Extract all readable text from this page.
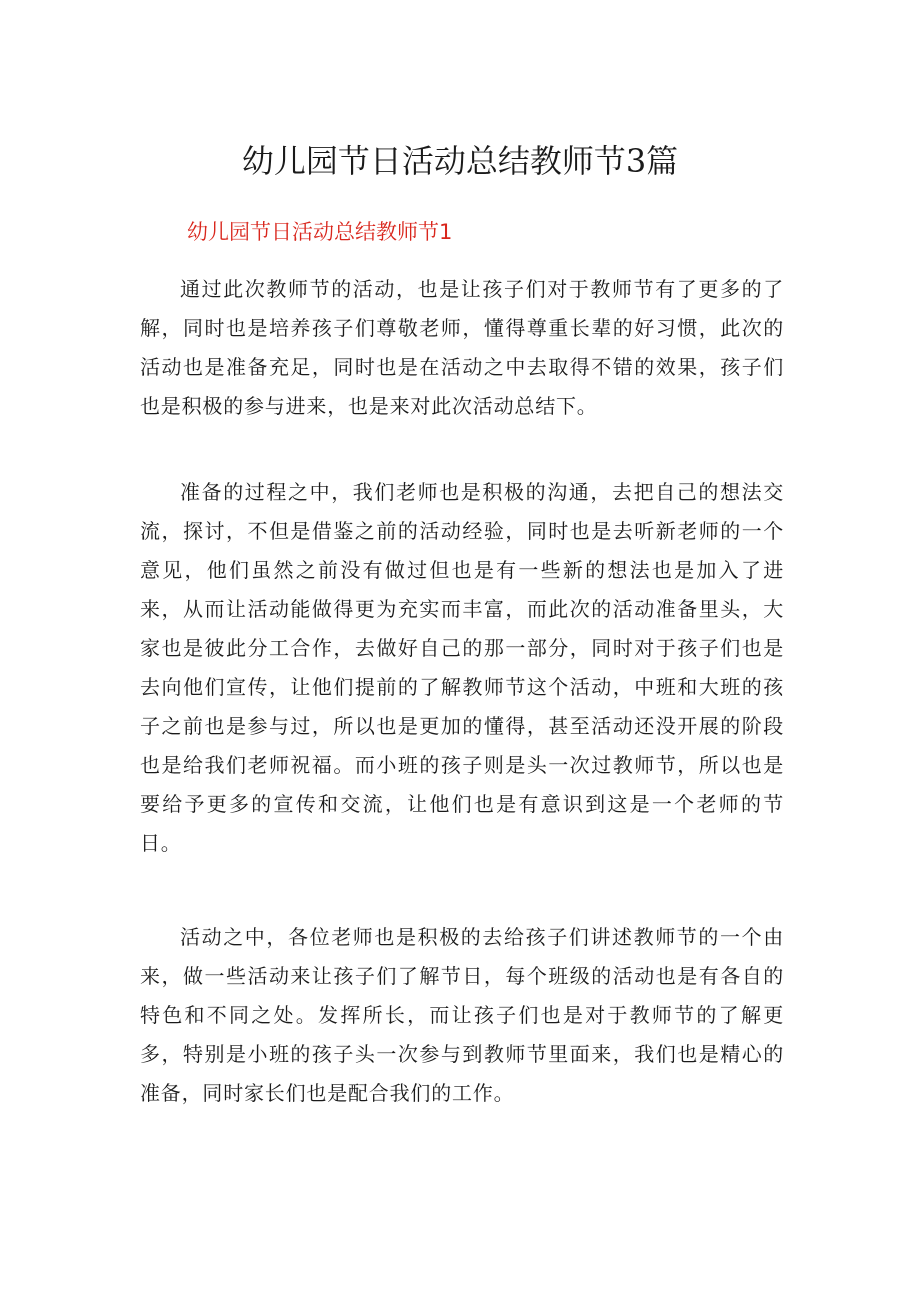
幼儿园节日活动总结教师节3篇
幼儿园节日活动总结教师节1

通过此次教师节的活动，也是让孩子们对于教师节有了更多的了解，同时也是培养孩子们尊敬老师，懂得尊重长辈的好习惯，此次的活动也是准备充足，同时也是在活动之中去取得不错的效果，孩子们也是积极的参与进来，也是来对此次活动总结下。

准备的过程之中，我们老师也是积极的沟通，去把自己的想法交流，探讨，不但是借鉴之前的活动经验，同时也是去听新老师的一个意见，他们虽然之前没有做过但也是有一些新的想法也是加入了进来，从而让活动能做得更为充实而丰富，而此次的活动准备里头，大家也是彼此分工合作，去做好自己的那一部分，同时对于孩子们也是去向他们宣传，让他们提前的了解教师节这个活动，中班和大班的孩子之前也是参与过，所以也是更加的懂得，甚至活动还没开展的阶段也是给我们老师祝福。而小班的孩子则是头一次过教师节，所以也是要给予更多的宣传和交流，让他们也是有意识到这是一个老师的节日。

活动之中，各位老师也是积极的去给孩子们讲述教师节的一个由来，做一些活动来让孩子们了解节日，每个班级的活动也是有各自的特色和不同之处。发挥所长，而让孩子们也是对于教师节的了解更多，特别是小班的孩子头一次参与到教师节里面来，我们也是精心的准备，同时家长们也是配合我们的工作。
